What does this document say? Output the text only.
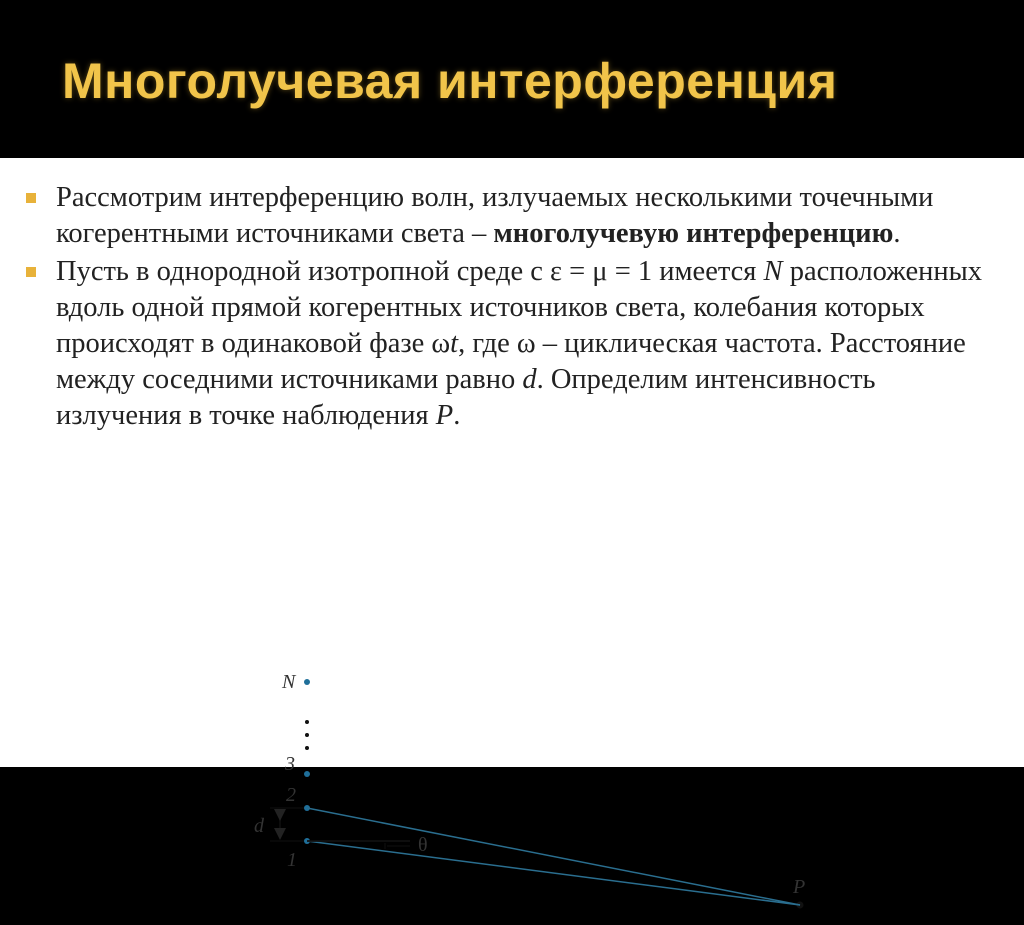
Многолучевая интерференция
Рассмотрим интерференцию волн, излучаемых несколькими точечными когерентными источниками света – многолучевую интерференцию.
Пусть в однородной изотропной среде с ε = μ = 1 имеется N расположенных вдоль одной прямой когерентных источников света, колебания которых происходят в одинаковой фазе ωt, где ω – циклическая частота. Расстояние между соседними источниками равно d. Определим интенсивность излучения в точке наблюдения P.
N
3
2
d
1
θ
P
